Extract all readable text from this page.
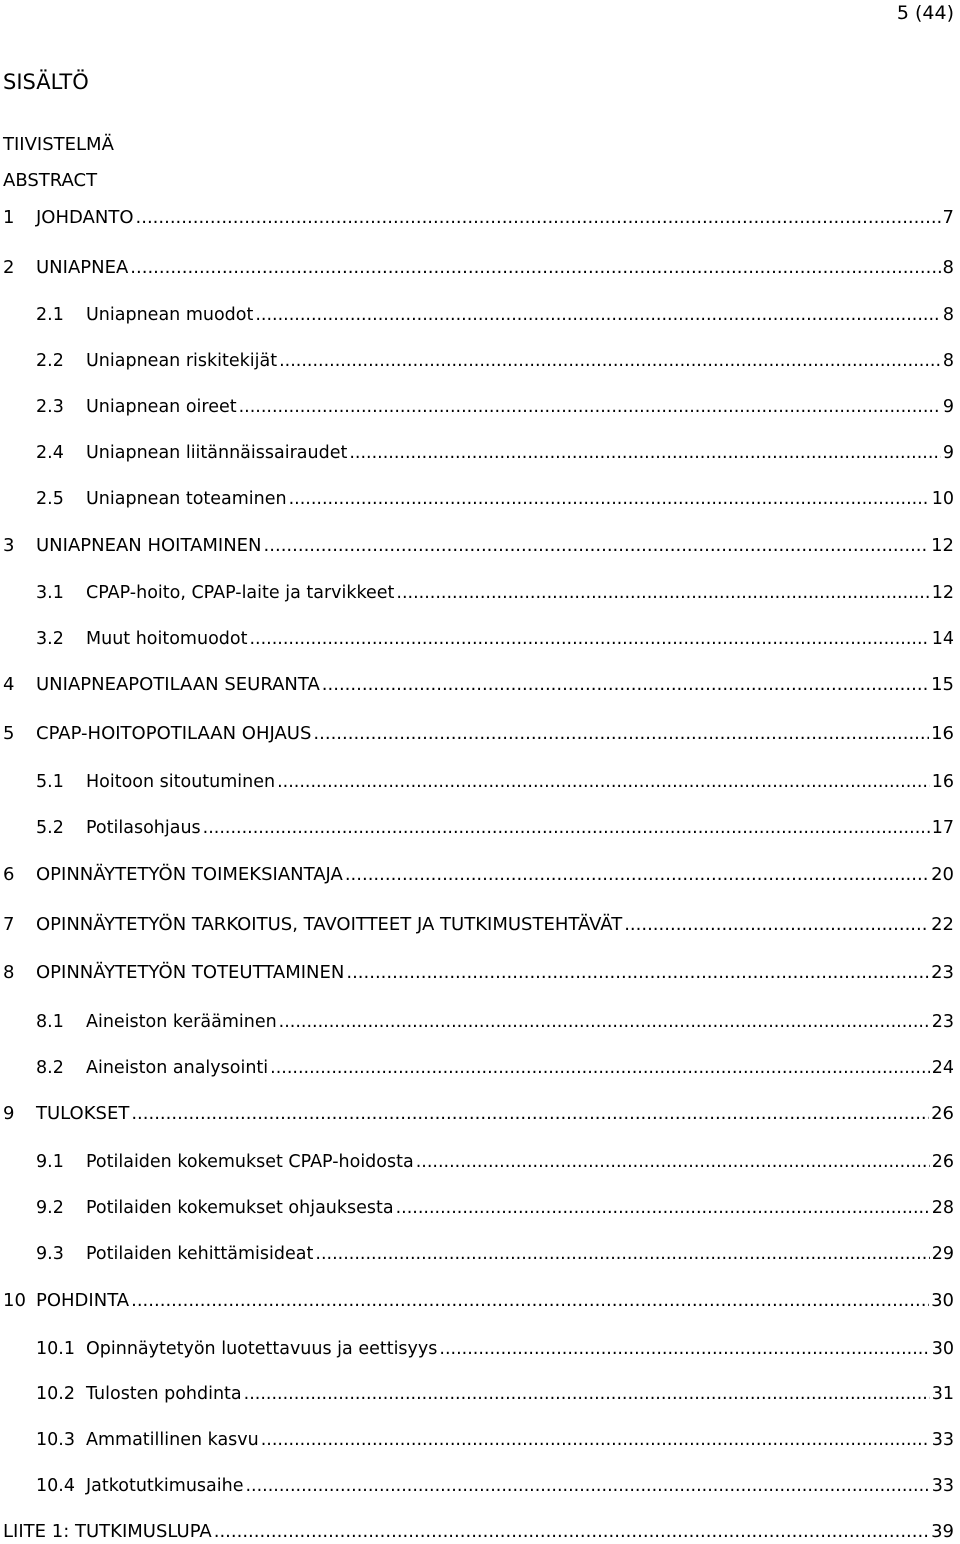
5 (44)
SISÄLTÖ
TIIVISTELMÄ
ABSTRACT
1	JOHDANTO .....	7
2	UNIAPNEA .....	8
2.1	Uniapnean muodot .....	8
2.2	Uniapnean riskitekijät .....	8
2.3	Uniapnean oireet .....	9
2.4	Uniapnean liitännäissairaudet .....	9
2.5	Uniapnean toteaminen .....	10
3	UNIAPNEAN HOITAMINEN .....	12
3.1	CPAP-hoito, CPAP-laite ja tarvikkeet .....	12
3.2	Muut hoitomuodot .....	14
4	UNIAPNEAPOTILAAN SEURANTA .....	15
5	CPAP-HOITOPOTILAAN OHJAUS .....	16
5.1	Hoitoon sitoutuminen .....	16
5.2	Potilasohjaus .....	17
6	OPINNÄYTETYÖN TOIMEKSIANTAJA .....	20
7	OPINNÄYTETYÖN TARKOITUS, TAVOITTEET JA TUTKIMUSTEHTÄVÄT .....	22
8	OPINNÄYTETYÖN TOTEUTTAMINEN .....	23
8.1	Aineiston kerääminen .....	23
8.2	Aineiston analysointi .....	24
9	TULOKSET .....	26
9.1	Potilaiden kokemukset CPAP-hoidosta .....	26
9.2	Potilaiden kokemukset ohjauksesta .....	28
9.3	Potilaiden kehittämisideat .....	29
10 POHDINTA .....	30
10.1 Opinnäytetyön luotettavuus ja eettisyys .....	30
10.2 Tulosten pohdinta .....	31
10.3 Ammatillinen kasvu .....	33
10.4 Jatkotutkimusaihe .....	33
LIITE 1: TUTKIMUSLUPA .....	39
